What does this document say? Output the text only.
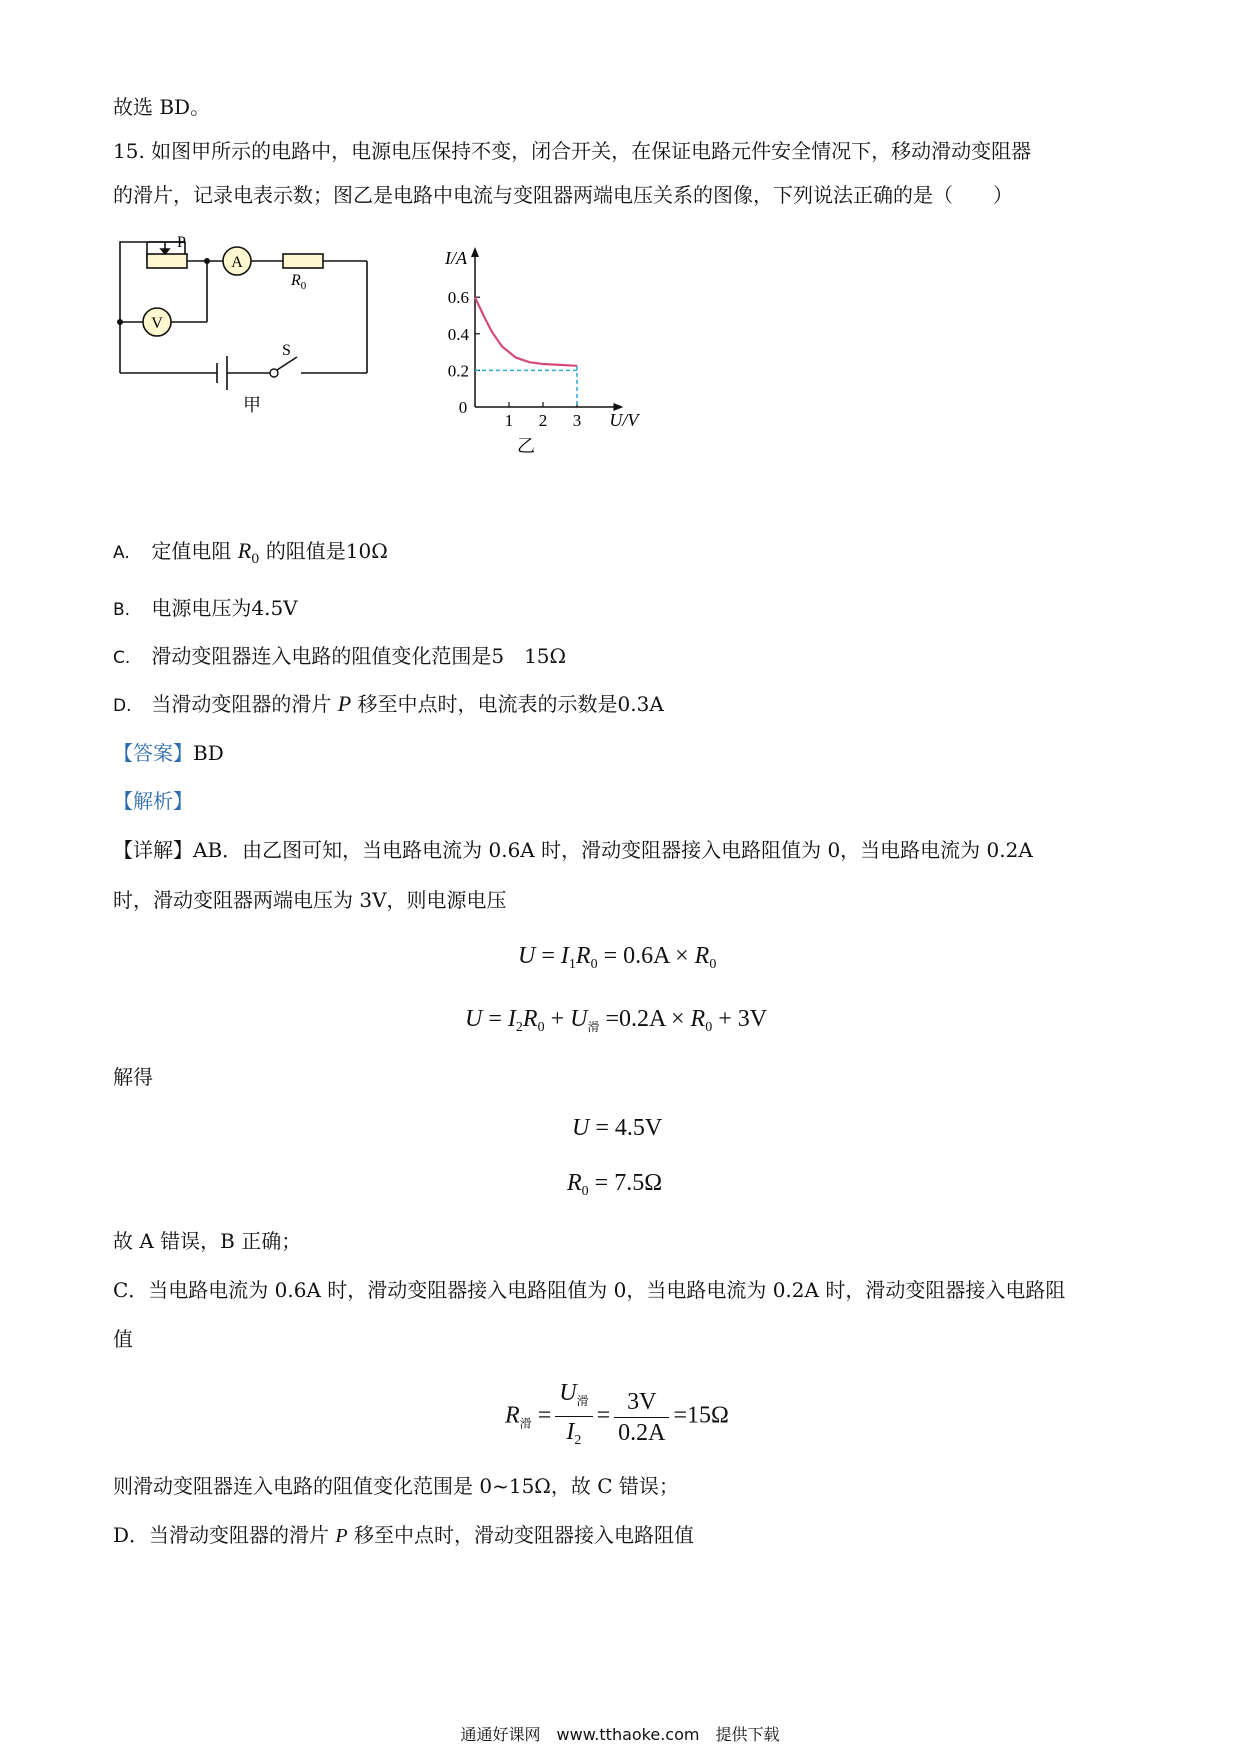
故选 BD。
15. 如图甲所示的电路中，电源电压保持不变，闭合开关，在保证电路元件安全情况下，移动滑动变阻器
的滑片，记录电表示数；图乙是电路中电流与变阻器两端电压关系的图像，下列说法正确的是（　　）
A
V
P
$R_0$
S
甲
1 2 3
0.6
0.4
0.2
0
I/A
U/V
乙
A. 定值电阻 $R_0$ 的阻值是10Ω
B. 电源电压为4.5V
C. 滑动变阻器连入电路的阻值变化范围是5　15Ω
D. 当滑动变阻器的滑片 P 移至中点时，电流表的示数是0.3A
【答案】BD
【解析】
【详解】AB．由乙图可知，当电路电流为 0.6A 时，滑动变阻器接入电路阻值为 0，当电路电流为 0.2A
时，滑动变阻器两端电压为 3V，则电源电压
$U = I_1R_0 = 0.6A \times R_0$
$U = I_2R_0 + U_滑 =0.2A \times R_0 + 3V$
解得
U = 4.5V
$R_0 = 7.5\Omega$
故 A 错误，B 正确；
C．当电路电流为 0.6A 时，滑动变阻器接入电路阻值为 0，当电路电流为 0.2A 时，滑动变阻器接入电路阻
值
$R_滑 = \frac{U_滑}{I_2} = \frac{3V}{0.2A} =15\Omega$
则滑动变阻器连入电路的阻值变化范围是 0~15Ω，故 C 错误；
D．当滑动变阻器的滑片 P 移至中点时，滑动变阻器接入电路阻值
通通好课网　www.tthaoke.com　提供下载
